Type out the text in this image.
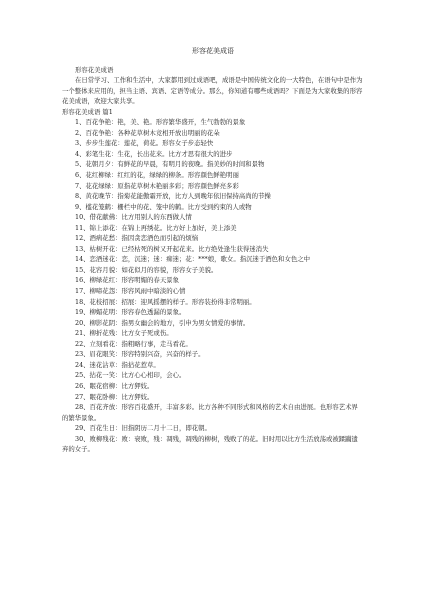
形容花美成语
形容花美成语
在日常学习、工作和生活中，大家都用到过成语吧，成语是中国传统文化的一大特色，在语句中是作为一个整体来应用的，担当主语、宾语、定语等成分。那么，你知道有哪些成语吗？下面是为大家收集的形容花美成语，欢迎大家共享。
形容花美成语 篇1
1、百花争艳：艳，美、艳。形容繁华盛开，生气勃勃的景象
2、百花争艳：各种花草树木竞相开放出明丽的花朵
3、步步生莲花：莲花，荷花。形容女子步态轻快
4、彩笔生花：生花，长出花来。比方才思有很大的进步
5、花朝月夕：有鲜花的早晨，有明月的夜晚。指美妙的时间和景物
6、花红柳绿：红红的花，绿绿的柳条。形容颜色鲜艳明丽
7、花花绿绿：原指花草树木艳丽多彩；形容颜色鲜亮多彩
8、黄花晚节：指菊花能傲霜开放，比方人到晚年依旧保持高尚的节操
9、槛花笼鹤：栅栏中的花、笼中的鹤。比方受到约束的人或物
10、借花献佛：比方用别人的东西做人情
11、锦上添花：在锦上再绣花。比方好上加好，美上添美
12、酒病花愁：指因贪恋酒色而引起的烦恼
13、枯树开花：已经枯死的树又开起花来。比方绝处逢生获得迷消失
14、恋酒迷花：恋，沉迷；迷：痴迷；花：***娘，歌女。指沉迷于酒色和女色之中
15、花容月貌：如花似月的容貌，形容女子美貌。
16、柳绿花红：形容明媚的春天景象
17、柳啼花怨：形容风雨中暗淡的心情
18、花枝招展：招展：迎风摇摆的样子。形容装扮得非常明丽。
19、柳媚花明：形容春色透漏的景象。
20、柳影花阴：指男女幽会的地方，引申为男女情爱的事情。
21、柳折花残：比方女子死或伤。
22、立刻看花：指粗略行事，走马看花。
23、眉花眼笑：形容特别兴奋，兴奋的样子。
24、迷花沾草：指拈花惹草。
25、拈花一笑：比方心心相印，会心。
26、眠花宿柳：比方狎妓。
27、眠花卧柳：比方狎妓。
28、百花齐放：形容百花盛开，丰富多彩。比方各种不同形式和风格的艺术自由进展。也形容艺术界的繁华景象。
29、百花生日：旧指阴历二月十二日，即花朝。
30、败柳残花：败：衰败，残：凋残，凋残的柳树，残败了的花。旧时用以比方生活放荡或被蹂躏遗弃的女子。
